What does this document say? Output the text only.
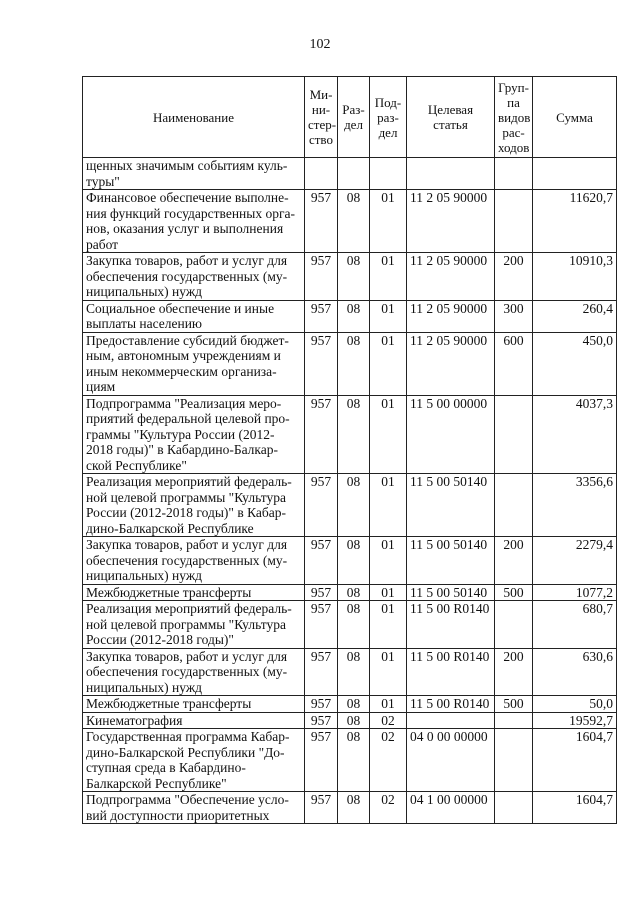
102
Наименование	Ми-
ни-
стер-
ство	Раз-
дел	Под-
раз-
дел	Целевая
статья	Груп-
па
видов
рас-
ходов	Сумма
щенных значимым событиям куль-
туры"						
Финансовое обеспечение выполне-
ния функций государственных орга-
нов, оказания услуг и выполнения
работ	957	08	01	11 2 05 90000		11620,7
Закупка товаров, работ и услуг для
обеспечения государственных (му-
ниципальных) нужд	957	08	01	11 2 05 90000	200	10910,3
Социальное обеспечение и иные
выплаты населению	957	08	01	11 2 05 90000	300	260,4
Предоставление субсидий бюджет-
ным, автономным учреждениям и
иным некоммерческим организа-
циям	957	08	01	11 2 05 90000	600	450,0
Подпрограмма "Реализация меро-
приятий федеральной целевой про-
граммы "Культура России (2012-
2018 годы)" в Кабардино-Балкар-
ской Республике"	957	08	01	11 5 00 00000		4037,3
Реализация мероприятий федераль-
ной целевой программы "Культура
России (2012-2018 годы)" в Кабар-
дино-Балкарской Республике	957	08	01	11 5 00 50140		3356,6
Закупка товаров, работ и услуг для
обеспечения государственных (му-
ниципальных) нужд	957	08	01	11 5 00 50140	200	2279,4
Межбюджетные трансферты	957	08	01	11 5 00 50140	500	1077,2
Реализация мероприятий федераль-
ной целевой программы "Культура
России (2012-2018 годы)"	957	08	01	11 5 00 R0140		680,7
Закупка товаров, работ и услуг для
обеспечения государственных (му-
ниципальных) нужд	957	08	01	11 5 00 R0140	200	630,6
Межбюджетные трансферты	957	08	01	11 5 00 R0140	500	50,0
Кинематография	957	08	02			19592,7
Государственная программа Кабар-
дино-Балкарской Республики "До-
ступная среда в Кабардино-
Балкарской Республике"	957	08	02	04 0 00 00000		1604,7
Подпрограмма "Обеспечение усло-
вий доступности приоритетных	957	08	02	04 1 00 00000		1604,7
